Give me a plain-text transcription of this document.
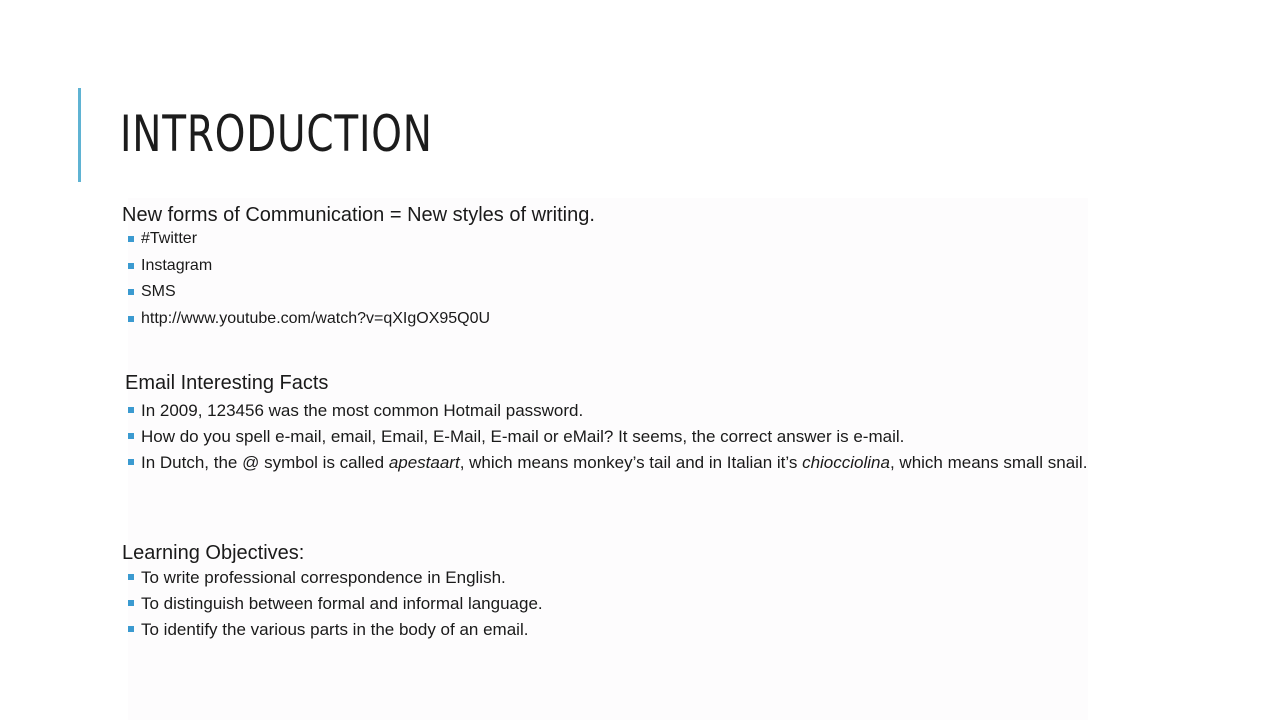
INTRODUCTION
New forms of Communication = New styles of writing.
#Twitter
Instagram
SMS
http://www.youtube.com/watch?v=qXIgOX95Q0U
Email Interesting Facts
In 2009, 123456 was the most common Hotmail password.
How do you spell e-mail, email, Email, E-Mail, E-mail or eMail? It seems, the correct answer is e-mail.
In Dutch, the @ symbol is called apestaart, which means monkey’s tail and in Italian it’s chiocciolina, which means small snail.
Learning Objectives:
To write professional correspondence in English.
To distinguish between formal and informal language.
To identify the various parts in the body of an email.
